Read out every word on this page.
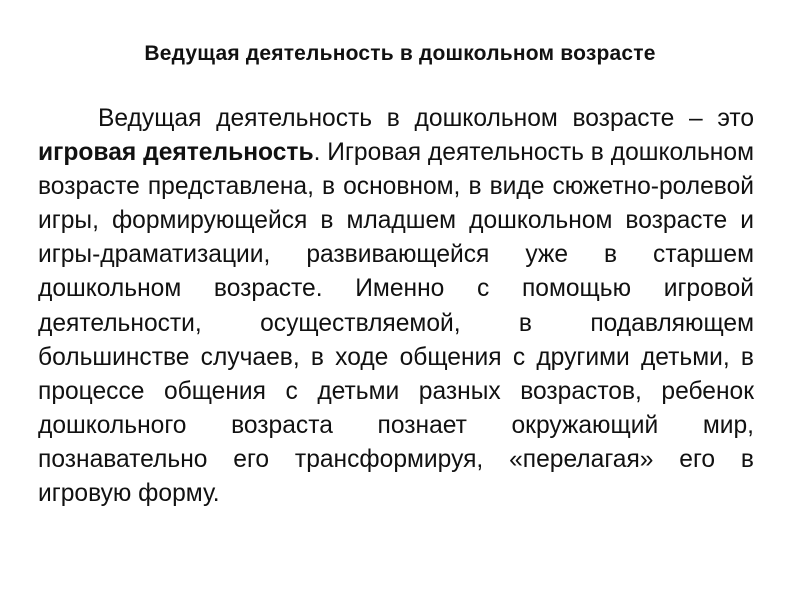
Ведущая деятельность в дошкольном возрасте

Ведущая деятельность в дошкольном возрасте – это игровая деятельность. Игровая деятельность в дошкольном возрасте представлена, в основном, в виде сюжетно-ролевой игры, формирующейся в младшем дошкольном возрасте и игры-драматизации, развивающейся уже в старшем дошкольном возрасте. Именно с помощью игровой деятельности, осуществляемой, в подавляющем большинстве случаев, в ходе общения с другими детьми, в процессе общения с детьми разных возрастов, ребенок дошкольного возраста познает окружающий мир, познавательно его трансформируя, «перелагая» его в игровую форму.
